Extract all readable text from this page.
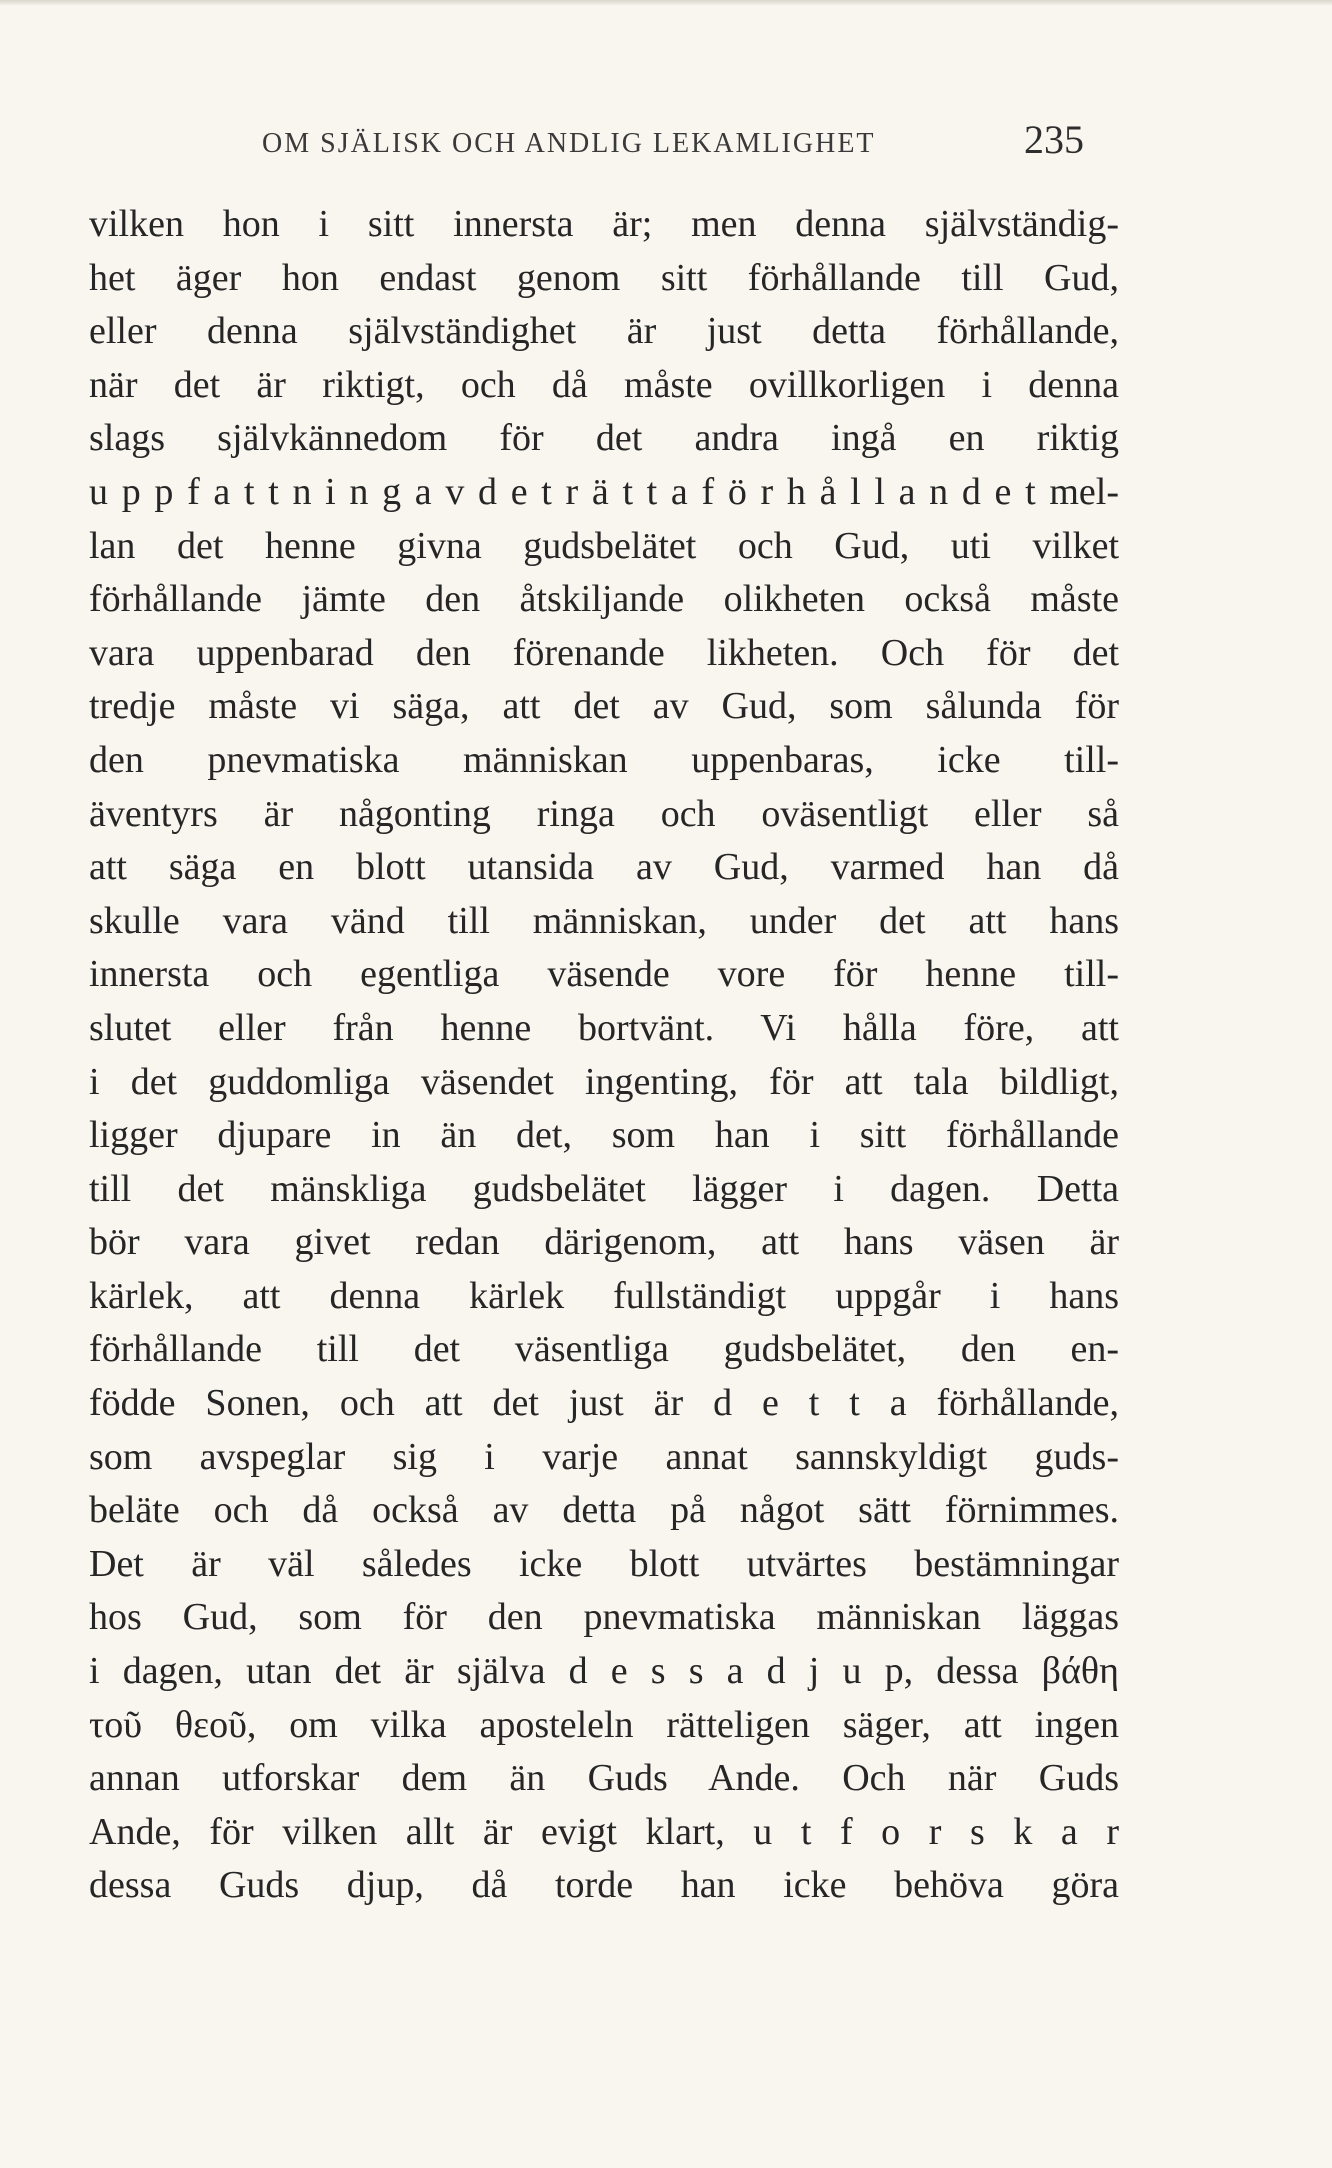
OM SJÄLISK OCH ANDLIG LEKAMLIGHET	235
vilken hon i sitt innersta är; men denna självständig-
het äger hon endast genom sitt förhållande till Gud,
eller denna självständighet är just detta förhållande,
när det är riktigt, och då måste ovillkorligen i denna
slags självkännedom för det andra ingå en riktig
u p p f a t t n i n g a v d e t r ä t t a f ö r h å l l a n d e t mel-
lan det henne givna gudsbelätet och Gud, uti vilket
förhållande jämte den åtskiljande olikheten också måste
vara uppenbarad den förenande likheten. Och för det
tredje måste vi säga, att det av Gud, som sålunda för
den pnevmatiska människan uppenbaras, icke till-
äventyrs är någonting ringa och oväsentligt eller så
att säga en blott utansida av Gud, varmed han då
skulle vara vänd till människan, under det att hans
innersta och egentliga väsende vore för henne till-
slutet eller från henne bortvänt. Vi hålla före, att
i det guddomliga väsendet ingenting, för att tala bildligt,
ligger djupare in än det, som han i sitt förhållande
till det mänskliga gudsbelätet lägger i dagen. Detta
bör vara givet redan därigenom, att hans väsen är
kärlek, att denna kärlek fullständigt uppgår i hans
förhållande till det väsentliga gudsbelätet, den en-
födde Sonen, och att det just är d e t t a förhållande,
som avspeglar sig i varje annat sannskyldigt guds-
beläte och då också av detta på något sätt förnimmes.
Det är väl således icke blott utvärtes bestämningar
hos Gud, som för den pnevmatiska människan läggas
i dagen, utan det är själva d e s s a d j u p, dessa βάθη
τοῦ θεοῦ, om vilka aposteleln rätteligen säger, att ingen
annan utforskar dem än Guds Ande. Och när Guds
Ande, för vilken allt är evigt klart, u t f o r s k a r
dessa Guds djup, då torde han icke behöva göra
